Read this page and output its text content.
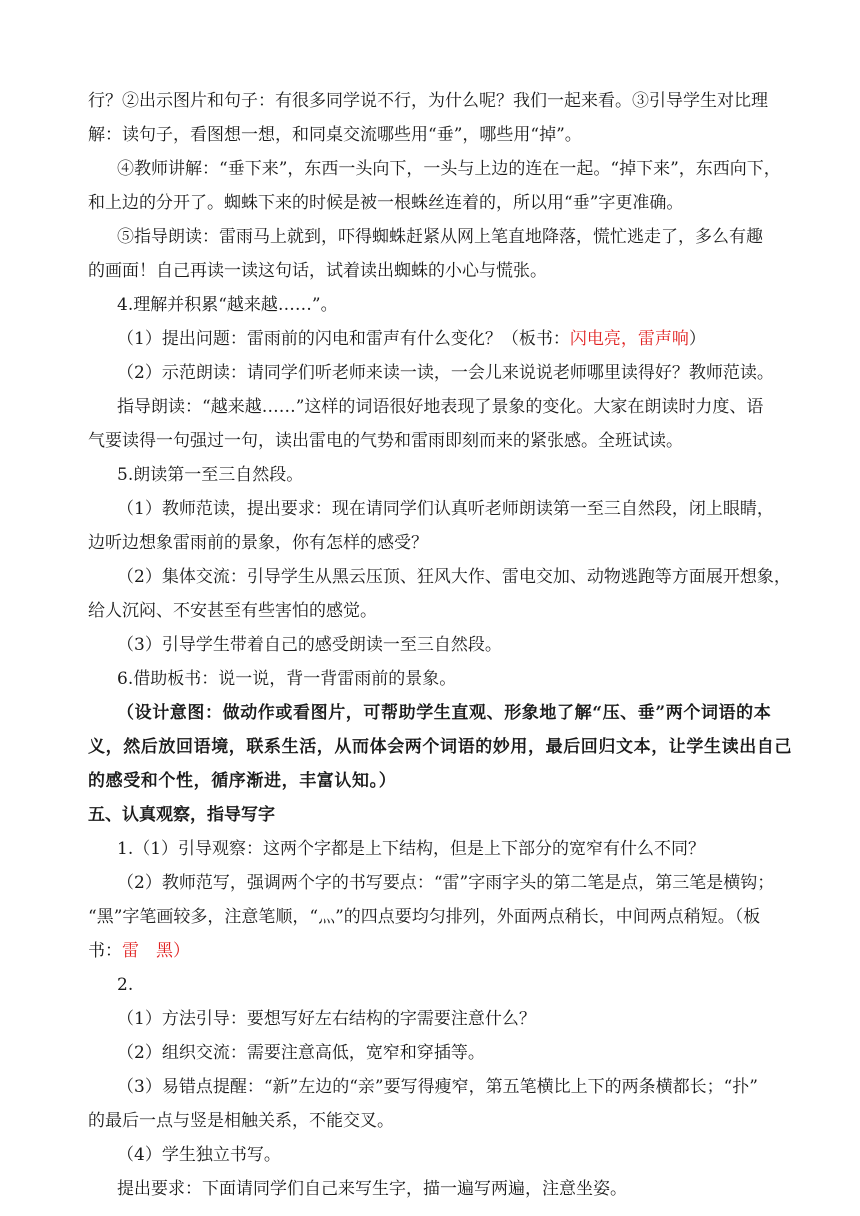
行？②出示图片和句子：有很多同学说不行，为什么呢？我们一起来看。③引导学生对比理
解：读句子，看图想一想，和同桌交流哪些用“垂”，哪些用“掉”。
④教师讲解：“垂下来”，东西一头向下，一头与上边的连在一起。“掉下来”，东西向下，
和上边的分开了。蜘蛛下来的时候是被一根蛛丝连着的，所以用“垂”字更准确。
⑤指导朗读：雷雨马上就到，吓得蜘蛛赶紧从网上笔直地降落，慌忙逃走了，多么有趣
的画面！自己再读一读这句话，试着读出蜘蛛的小心与慌张。
4.理解并积累“越来越……”。
（1）提出问题：雷雨前的闪电和雷声有什么变化？（板书：闪电亮，雷声响）
（2）示范朗读：请同学们听老师来读一读，一会儿来说说老师哪里读得好？教师范读。
指导朗读：“越来越……”这样的词语很好地表现了景象的变化。大家在朗读时力度、语
气要读得一句强过一句，读出雷电的气势和雷雨即刻而来的紧张感。全班试读。
5.朗读第一至三自然段。
（1）教师范读，提出要求：现在请同学们认真听老师朗读第一至三自然段，闭上眼睛，
边听边想象雷雨前的景象，你有怎样的感受？
（2）集体交流：引导学生从黑云压顶、狂风大作、雷电交加、动物逃跑等方面展开想象，
给人沉闷、不安甚至有些害怕的感觉。
（3）引导学生带着自己的感受朗读一至三自然段。
6.借助板书：说一说，背一背雷雨前的景象。
（设计意图：做动作或看图片，可帮助学生直观、形象地了解“压、垂”两个词语的本
义，然后放回语境，联系生活，从而体会两个词语的妙用，最后回归文本，让学生读出自己
的感受和个性，循序渐进，丰富认知。）
五、认真观察，指导写字
1.（1）引导观察：这两个字都是上下结构，但是上下部分的宽窄有什么不同？
（2）教师范写，强调两个字的书写要点：“雷”字雨字头的第二笔是点，第三笔是横钩；
“黑”字笔画较多，注意笔顺，“灬”的四点要均匀排列，外面两点稍长，中间两点稍短。（板
书：雷　黑）
2.
（1）方法引导：要想写好左右结构的字需要注意什么？
（2）组织交流：需要注意高低，宽窄和穿插等。
（3）易错点提醒：“新”左边的“亲”要写得瘦窄，第五笔横比上下的两条横都长；“扑”
的最后一点与竖是相触关系，不能交叉。
（4）学生独立书写。
提出要求：下面请同学们自己来写生字，描一遍写两遍，注意坐姿。
